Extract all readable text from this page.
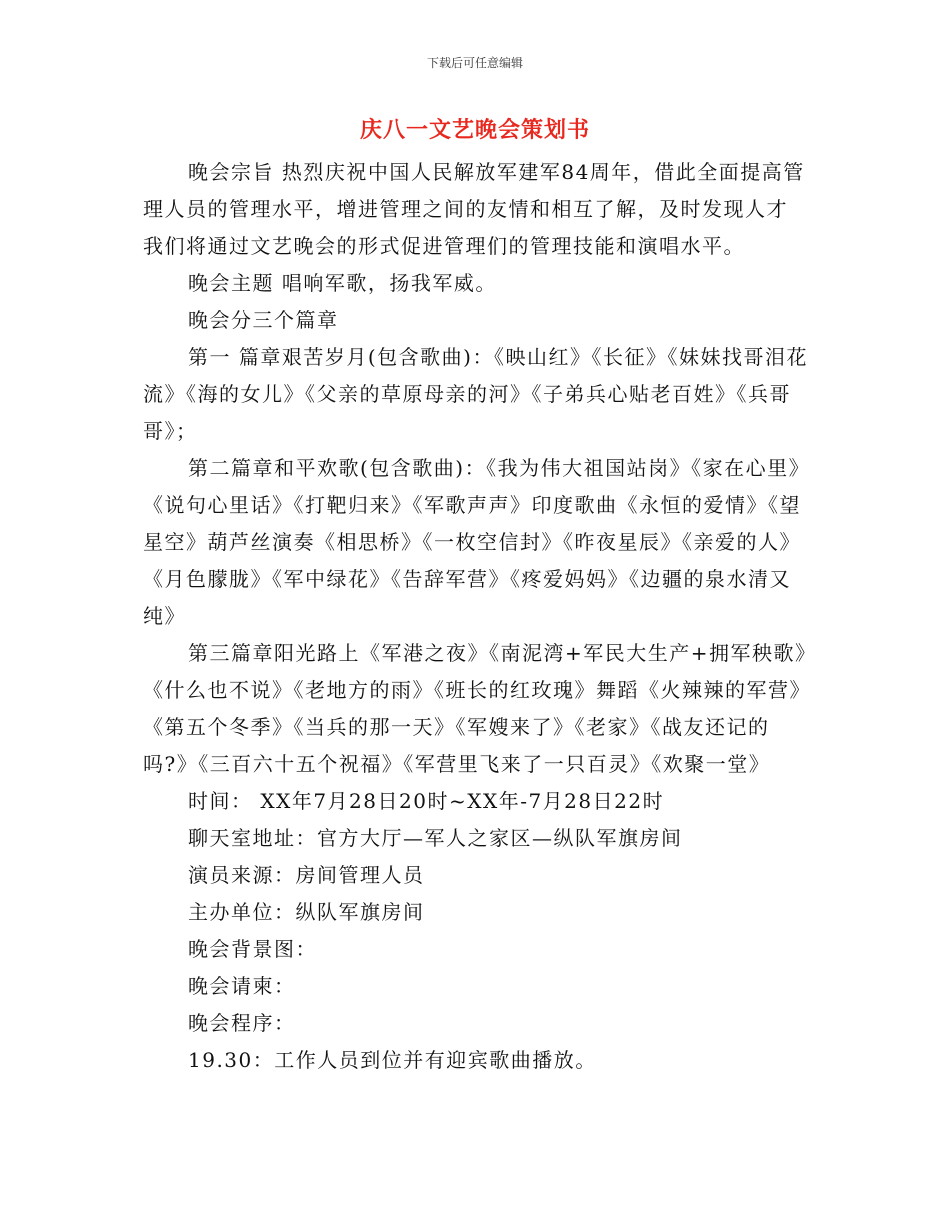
下载后可任意编辑
庆八一文艺晚会策划书

晚会宗旨 热烈庆祝中国人民解放军建军84周年，借此全面提高管理人员的管理水平，增进管理之间的友情和相互了解，及时发现人才我们将通过文艺晚会的形式促进管理们的管理技能和演唱水平。

晚会主题 唱响军歌，扬我军威。

晚会分三个篇章

第一 篇章艰苦岁月(包含歌曲)：《映山红》《长征》《妹妹找哥泪花流》《海的女儿》《父亲的草原母亲的河》《子弟兵心贴老百姓》《兵哥哥》；

第二篇章和平欢歌(包含歌曲)：《我为伟大祖国站岗》《家在心里》《说句心里话》《打靶归来》《军歌声声》印度歌曲《永恒的爱情》《望星空》葫芦丝演奏《相思桥》《一枚空信封》《昨夜星辰》《亲爱的人》《月色朦胧》《军中绿花》《告辞军营》《疼爱妈妈》《边疆的泉水清又纯》

第三篇章阳光路上《军港之夜》《南泥湾+军民大生产+拥军秧歌》《什么也不说》《老地方的雨》《班长的红玫瑰》舞蹈《火辣辣的军营》《第五个冬季》《当兵的那一天》《军嫂来了》《老家》《战友还记的吗?》《三百六十五个祝福》《军营里飞来了一只百灵》《欢聚一堂》

时间： XX年7月28日20时~XX年-7月28日22时

聊天室地址：官方大厅—军人之家区—纵队军旗房间

演员来源：房间管理人员

主办单位：纵队军旗房间

晚会背景图：

晚会请柬：

晚会程序：

19.30：工作人员到位并有迎宾歌曲播放。
